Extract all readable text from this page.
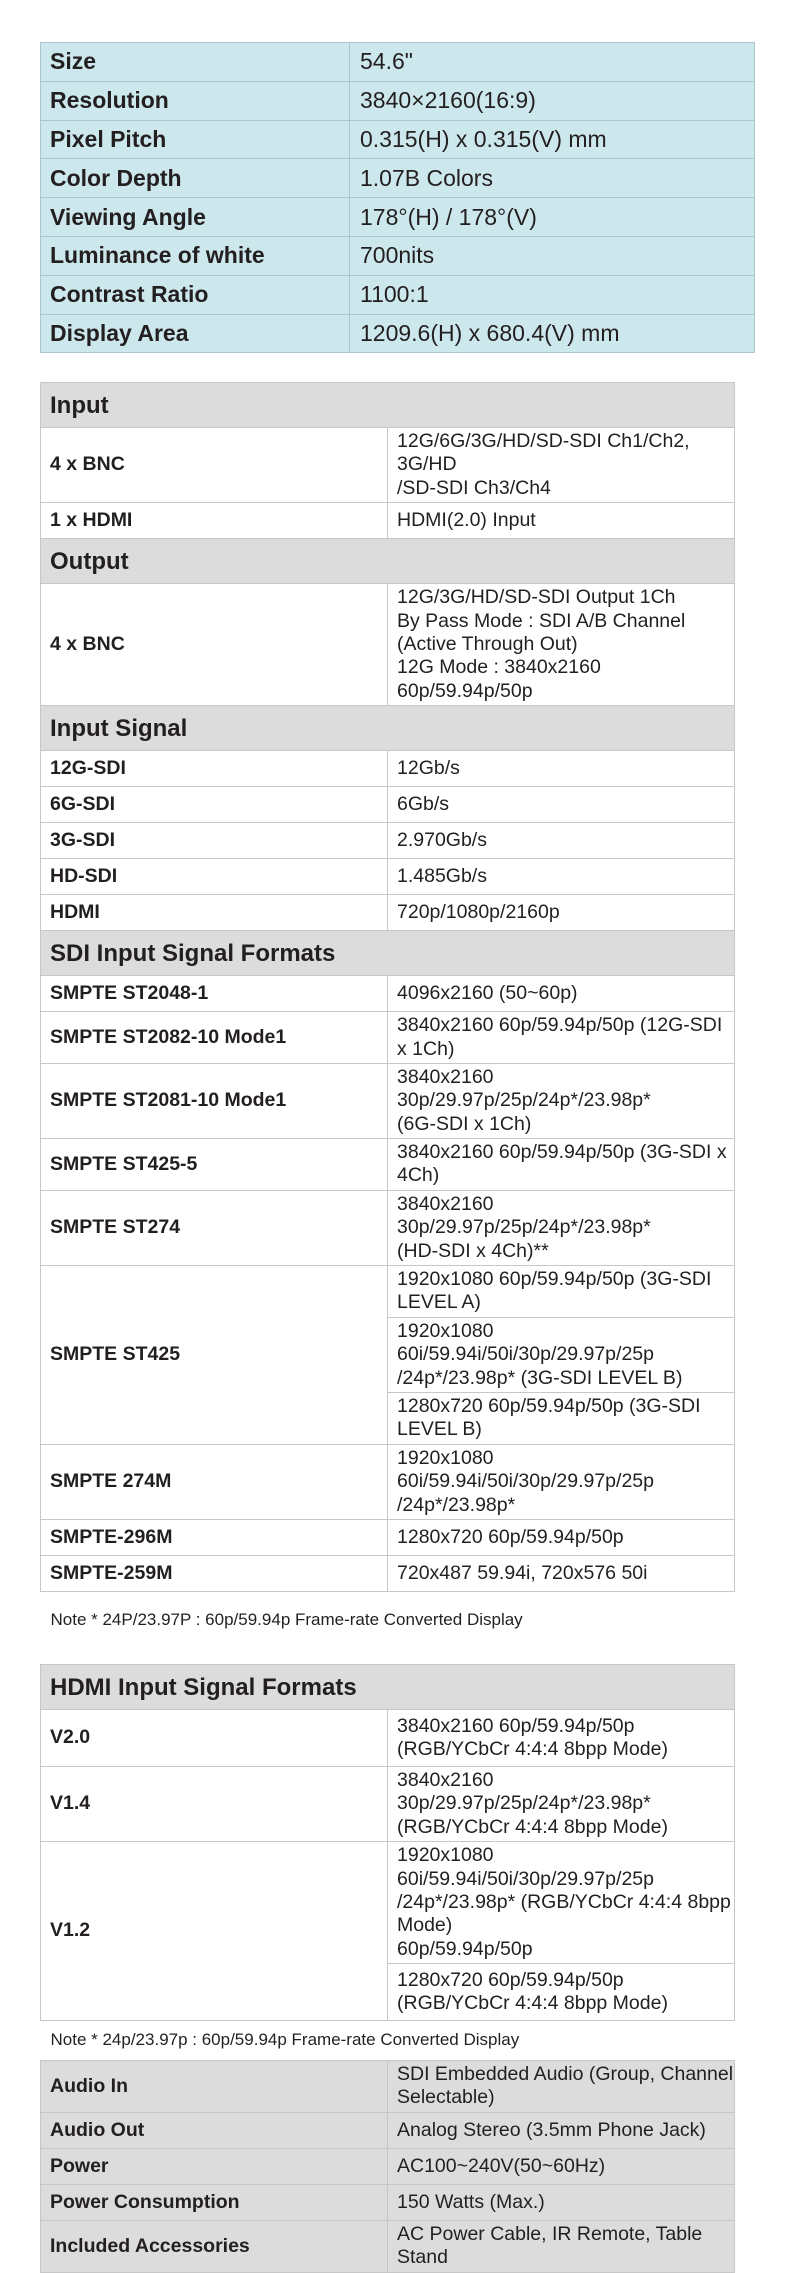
Size	54.6"
Resolution	3840×2160(16:9)
Pixel Pitch	0.315(H) x 0.315(V) mm
Color Depth	1.07B Colors
Viewing Angle	178°(H) / 178°(V)
Luminance of white	700nits
Contrast Ratio	1100:1
Display Area	1209.6(H) x 680.4(V) mm
Input	
4 x BNC	12G/6G/3G/HD/SD-SDI Ch1/Ch2, 3G/HD
/SD-SDI Ch3/Ch4

1 x HDMI	HDMI(2.0) Input

Output	
4 x BNC	12G/3G/HD/SD-SDI Output 1Ch
By Pass Mode : SDI A/B Channel (Active Through Out)
12G Mode : 3840x2160 60p/59.94p/50p

Input Signal	
12G-SDI	12Gb/s
6G-SDI	6Gb/s
3G-SDI	2.970Gb/s
HD-SDI	1.485Gb/s
HDMI	720p/1080p/2160p
SDI Input Signal Formats	
SMPTE ST2048-1	4096x2160 (50~60p)

SMPTE ST2082-10 Mode1	3840x2160 60p/59.94p/50p (12G-SDI x 1Ch)

SMPTE ST2081-10 Mode1	3840x2160 30p/29.97p/25p/24p*/23.98p*
(6G-SDI x 1Ch)

SMPTE ST425-5	3840x2160 60p/59.94p/50p (3G-SDI x 4Ch)

SMPTE ST274	3840x2160 30p/29.97p/25p/24p*/23.98p*
(HD-SDI x 4Ch)**

SMPTE ST425	1920x1080 60p/59.94p/50p (3G-SDI LEVEL A)

	1920x1080 60i/59.94i/50i/30p/29.97p/25p
/24p*/23.98p* (3G-SDI LEVEL B)

	1280x720 60p/59.94p/50p (3G-SDI LEVEL B)

SMPTE 274M	1920x1080 60i/59.94i/50i/30p/29.97p/25p
/24p*/23.98p*

SMPTE-296M	1280x720 60p/59.94p/50p

SMPTE-259M	720x487 59.94i, 720x576 50i

Note * 24P/23.97P : 60p/59.94p Frame-rate Converted Display	
HDMI Input Signal Formats	
V2.0	3840x2160 60p/59.94p/50p
(RGB/YCbCr 4:4:4 8bpp Mode)

V1.4	3840x2160 30p/29.97p/25p/24p*/23.98p*
(RGB/YCbCr 4:4:4 8bpp Mode)

V1.2	1920x1080 60i/59.94i/50i/30p/29.97p/25p
/24p*/23.98p* (RGB/YCbCr 4:4:4 8bpp Mode)
60p/59.94p/50p

	1280x720 60p/59.94p/50p
(RGB/YCbCr 4:4:4 8bpp Mode)

Note * 24p/23.97p : 60p/59.94p Frame-rate Converted Display	
Audio In	SDI Embedded Audio (Group, Channel Selectable)
Audio Out	Analog Stereo (3.5mm Phone Jack)
Power	AC100~240V(50~60Hz)
Power Consumption	150 Watts (Max.)
Included Accessories	AC Power Cable, IR Remote, Table Stand
